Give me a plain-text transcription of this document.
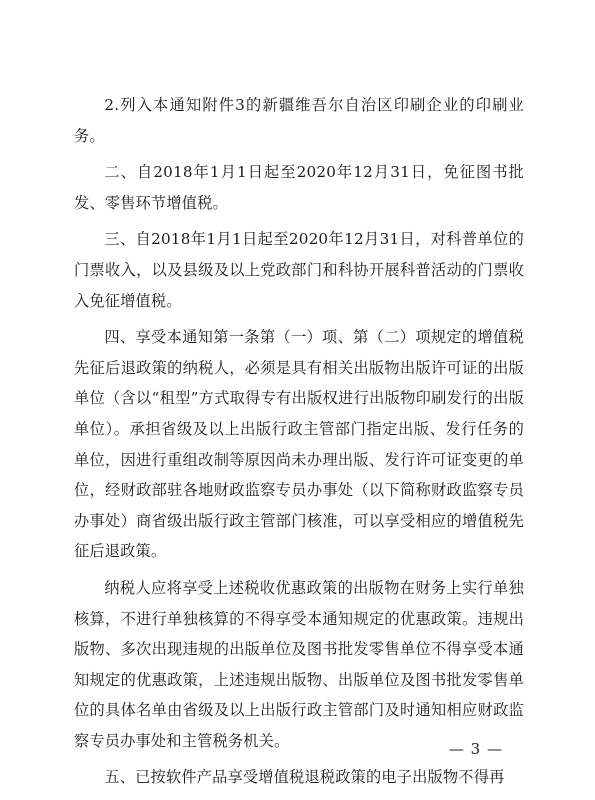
2.列入本通知附件3的新疆维吾尔自治区印刷企业的印刷业务。

二、自2018年1月1日起至2020年12月31日，免征图书批发、零售环节增值税。

三、自2018年1月1日起至2020年12月31日，对科普单位的门票收入，以及县级及以上党政部门和科协开展科普活动的门票收入免征增值税。

四、享受本通知第一条第（一）项、第（二）项规定的增值税先征后退政策的纳税人，必须是具有相关出版物出版许可证的出版单位（含以“租型”方式取得专有出版权进行出版物印刷发行的出版单位）。承担省级及以上出版行政主管部门指定出版、发行任务的单位，因进行重组改制等原因尚未办理出版、发行许可证变更的单位，经财政部驻各地财政监察专员办事处（以下简称财政监察专员办事处）商省级出版行政主管部门核准，可以享受相应的增值税先征后退政策。

纳税人应将享受上述税收优惠政策的出版物在财务上实行单独核算，不进行单独核算的不得享受本通知规定的优惠政策。违规出版物、多次出现违规的出版单位及图书批发零售单位不得享受本通知规定的优惠政策，上述违规出版物、出版单位及图书批发零售单位的具体名单由省级及以上出版行政主管部门及时通知相应财政监察专员办事处和主管税务机关。

五、已按软件产品享受增值税退税政策的电子出版物不得再

— 3 —
